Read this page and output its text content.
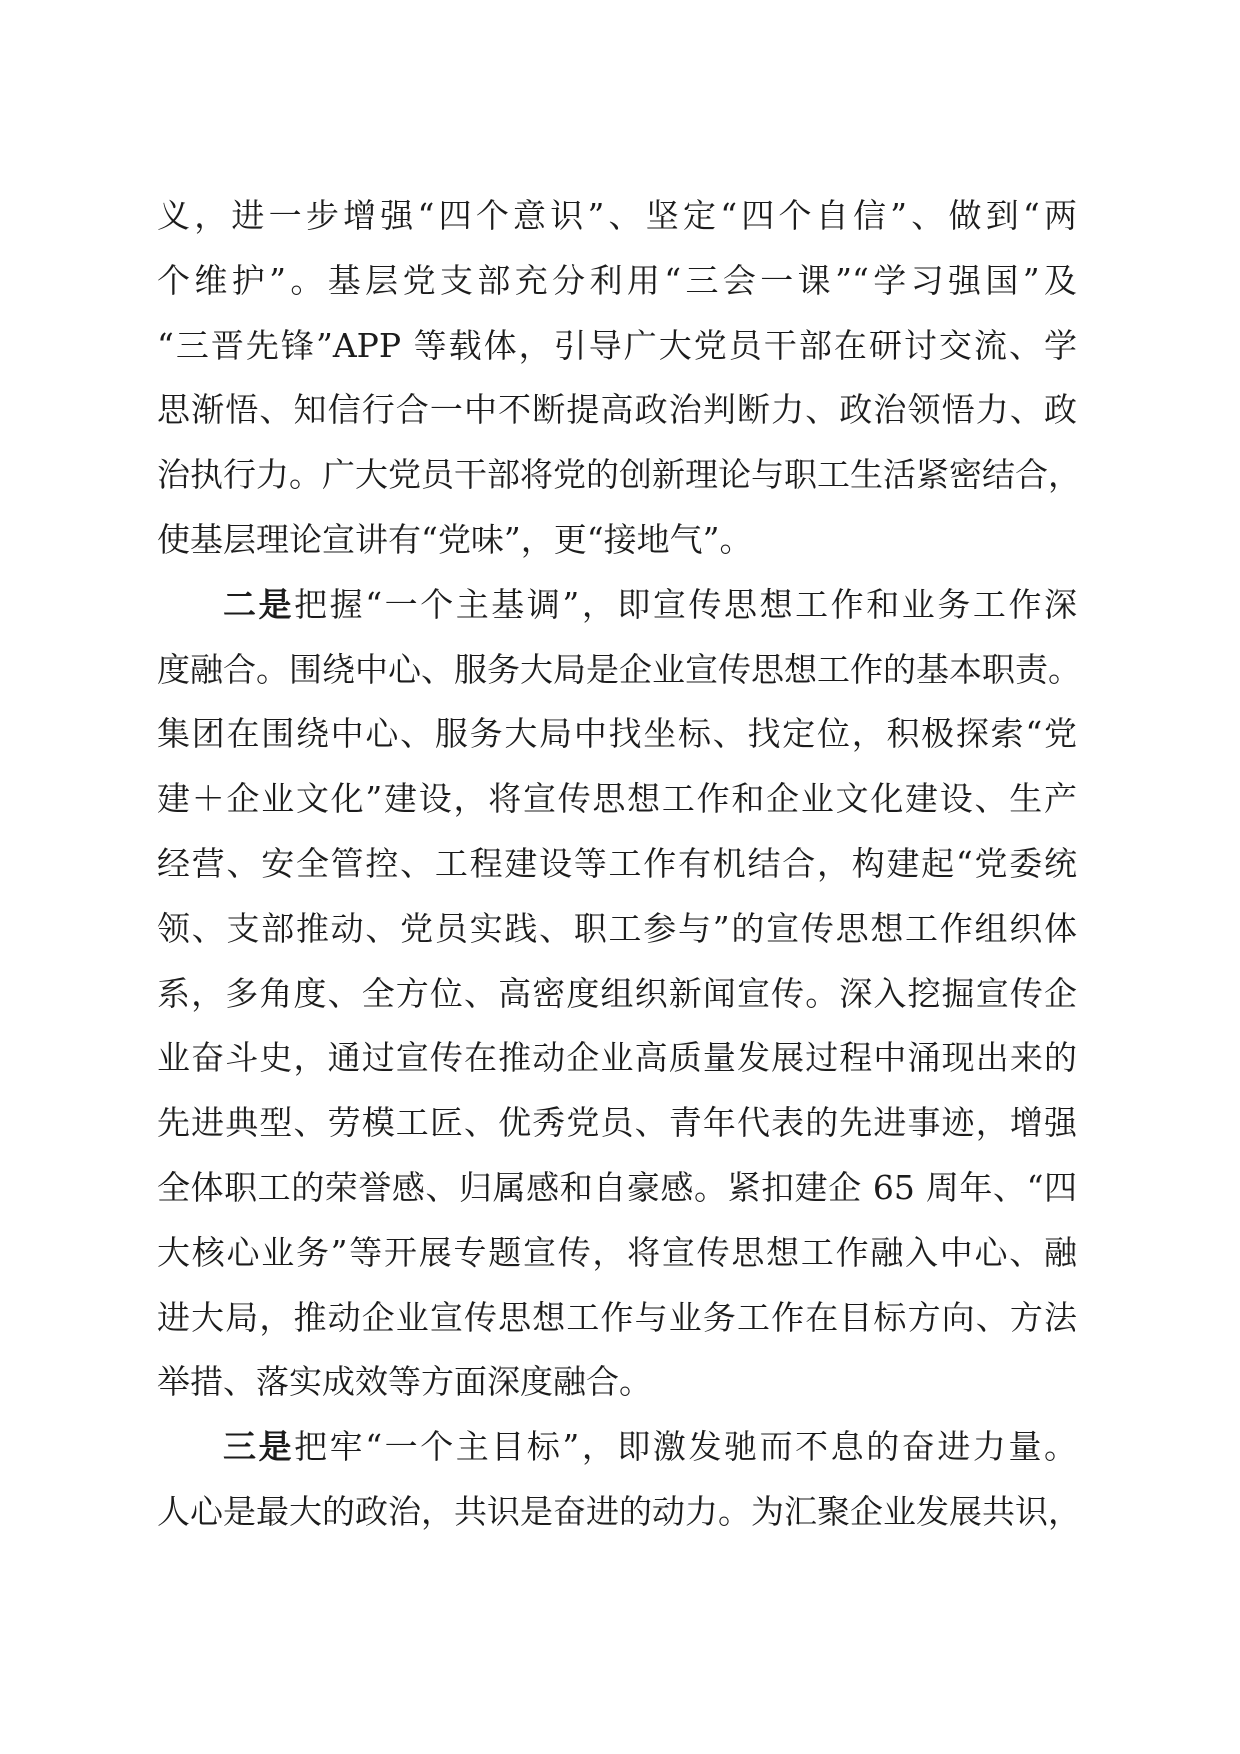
义，进一步增强“四个意识”、坚定“四个自信”、做到“两
个维护”。基层党支部充分利用“三会一课”“学习强国”及
“三晋先锋”APP 等载体，引导广大党员干部在研讨交流、学
思渐悟、知信行合一中不断提高政治判断力、政治领悟力、政
治执行力。广大党员干部将党的创新理论与职工生活紧密结合，
使基层理论宣讲有“党味”，更“接地气”。
二是把握“一个主基调”，即宣传思想工作和业务工作深
度融合。围绕中心、服务大局是企业宣传思想工作的基本职责。
集团在围绕中心、服务大局中找坐标、找定位，积极探索“党
建＋企业文化”建设，将宣传思想工作和企业文化建设、生产
经营、安全管控、工程建设等工作有机结合，构建起“党委统
领、支部推动、党员实践、职工参与”的宣传思想工作组织体
系，多角度、全方位、高密度组织新闻宣传。深入挖掘宣传企
业奋斗史，通过宣传在推动企业高质量发展过程中涌现出来的
先进典型、劳模工匠、优秀党员、青年代表的先进事迹，增强
全体职工的荣誉感、归属感和自豪感。紧扣建企 65 周年、“四
大核心业务”等开展专题宣传，将宣传思想工作融入中心、融
进大局，推动企业宣传思想工作与业务工作在目标方向、方法
举措、落实成效等方面深度融合。
三是把牢“一个主目标”，即激发驰而不息的奋进力量。
人心是最大的政治，共识是奋进的动力。为汇聚企业发展共识，
